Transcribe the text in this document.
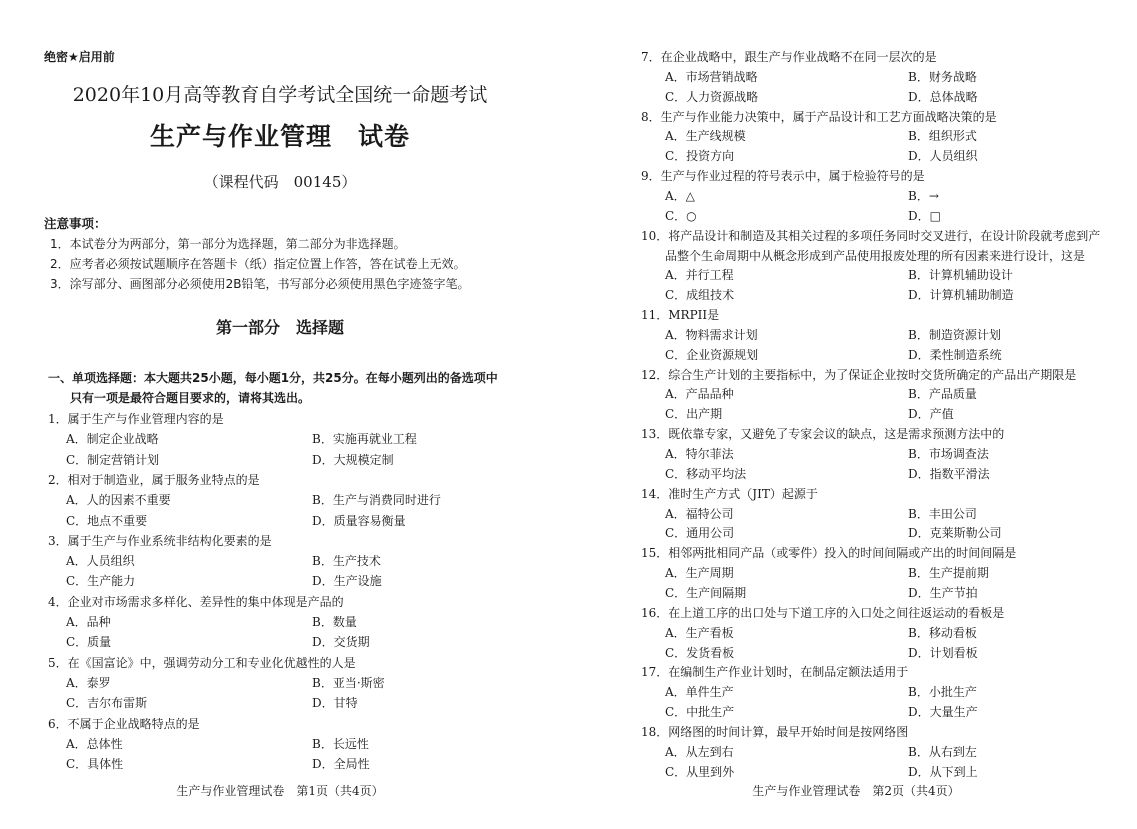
绝密★启用前
2020年10月高等教育自学考试全国统一命题考试
生产与作业管理　试卷
（课程代码　00145）
注意事项：
1．本试卷分为两部分，第一部分为选择题，第二部分为非选择题。
2．应考者必须按试题顺序在答题卡（纸）指定位置上作答，答在试卷上无效。
3．涂写部分、画图部分必须使用2B铅笔，书写部分必须使用黑色字迹签字笔。
第一部分　选择题
一、单项选择题：本大题共25小题，每小题1分，共25分。在每小题列出的备选项中
只有一项是最符合题目要求的，请将其选出。
1．属于生产与作业管理内容的是
A．制定企业战略	B．实施再就业工程
C．制定营销计划	D．大规模定制
2．相对于制造业，属于服务业特点的是
A．人的因素不重要	B．生产与消费同时进行
C．地点不重要	D．质量容易衡量
3．属于生产与作业系统非结构化要素的是
A．人员组织	B．生产技术
C．生产能力	D．生产设施
4．企业对市场需求多样化、差异性的集中体现是产品的
A．品种	B．数量
C．质量	D．交货期
5．在《国富论》中，强调劳动分工和专业化优越性的人是
A．泰罗	B．亚当·斯密
C．吉尔布雷斯	D．甘特
6．不属于企业战略特点的是
A．总体性	B．长远性
C．具体性	D．全局性
生产与作业管理试卷　第1页（共4页）
7．在企业战略中，跟生产与作业战略不在同一层次的是
A．市场营销战略	B．财务战略
C．人力资源战略	D．总体战略
8．生产与作业能力决策中，属于产品设计和工艺方面战略决策的是
A．生产线规模	B．组织形式
C．投资方向	D．人员组织
9．生产与作业过程的符号表示中，属于检验符号的是
A．△	B．→
C．○	D．□
10．将产品设计和制造及其相关过程的多项任务同时交叉进行，在设计阶段就考虑到产
品整个生命周期中从概念形成到产品使用报废处理的所有因素来进行设计，这是
A．并行工程	B．计算机辅助设计
C．成组技术	D．计算机辅助制造
11．MRPII是
A．物料需求计划	B．制造资源计划
C．企业资源规划	D．柔性制造系统
12．综合生产计划的主要指标中，为了保证企业按时交货所确定的产品出产期限是
A．产品品种	B．产品质量
C．出产期	D．产值
13．既依靠专家，又避免了专家会议的缺点，这是需求预测方法中的
A．特尔菲法	B．市场调查法
C．移动平均法	D．指数平滑法
14．准时生产方式（JIT）起源于
A．福特公司	B．丰田公司
C．通用公司	D．克莱斯勒公司
15．相邻两批相同产品（或零件）投入的时间间隔或产出的时间间隔是
A．生产周期	B．生产提前期
C．生产间隔期	D．生产节拍
16．在上道工序的出口处与下道工序的入口处之间往返运动的看板是
A．生产看板	B．移动看板
C．发货看板	D．计划看板
17．在编制生产作业计划时，在制品定额法适用于
A．单件生产	B．小批生产
C．中批生产	D．大量生产
18．网络图的时间计算，最早开始时间是按网络图
A．从左到右	B．从右到左
C．从里到外	D．从下到上
生产与作业管理试卷　第2页（共4页）
